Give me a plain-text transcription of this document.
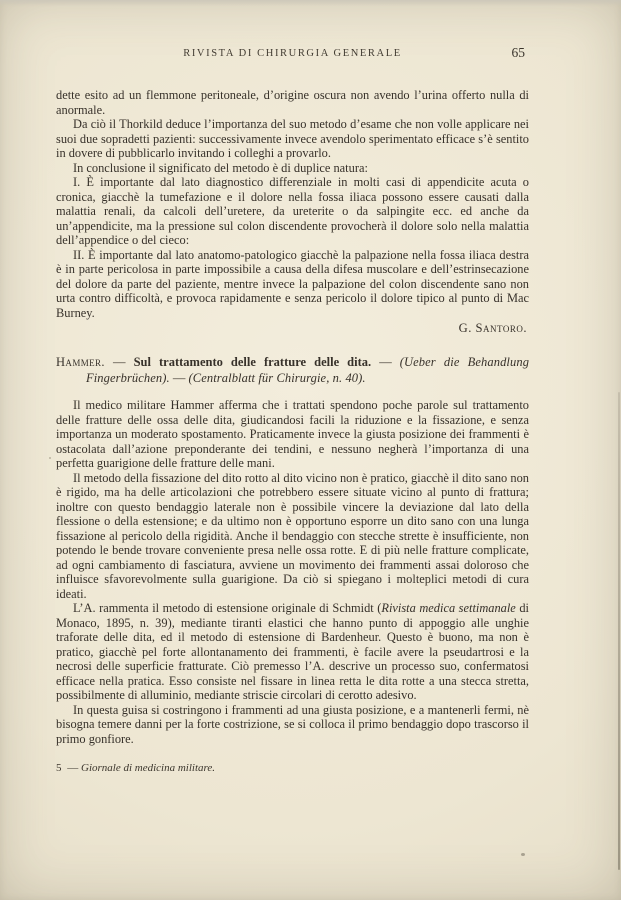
RIVISTA DI CHIRURGIA GENERALE	65

dette esito ad un flemmone peritoneale, d’origine oscura non avendo l’urina offerto nulla di anormale.

Da ciò il Thorkild deduce l’importanza del suo metodo d’esame che non volle applicare nei suoi due sopradetti pazienti: successivamente invece avendolo sperimentato efficace s’è sentito in dovere di pubblicarlo invitando i colleghi a provarlo.

In conclusione il significato del metodo è di duplice natura:

I. È importante dal lato diagnostico differenziale in molti casi di appendicite acuta o cronica, giacchè la tumefazione e il dolore nella fossa iliaca possono essere causati dalla malattia renali, da calcoli dell’uretere, da ureterite o da salpingite ecc. ed anche da un’appendicite, ma la pressione sul colon discendente provocherà il dolore solo nella malattia dell’appendice o del cieco:

II. È importante dal lato anatomo-patologico giacchè la palpazione nella fossa iliaca destra è in parte pericolosa in parte impossibile a causa della difesa muscolare e dell’estrinsecazione del dolore da parte del paziente, mentre invece la palpazione del colon discendente sano non urta contro difficoltà, e provoca rapidamente e senza pericolo il dolore tipico al punto di Mac Burney.

G. Santoro.

Hammer. — Sul trattamento delle fratture delle dita. — (Ueber die Behandlung Fingerbrüchen). — (Centralblatt für Chirurgie, n. 40).

Il medico militare Hammer afferma che i trattati spendono poche parole sul trattamento delle fratture delle ossa delle dita, giudicandosi facili la riduzione e la fissazione, e senza importanza un moderato spostamento. Praticamente invece la giusta posizione dei frammenti è ostacolata dall’azione preponderante dei tendini, e nessuno negherà l’importanza di una perfetta guarigione delle fratture delle mani.

Il metodo della fissazione del dito rotto al dito vicino non è pratico, giacchè il dito sano non è rigido, ma ha delle articolazioni che potrebbero essere situate vicino al punto di frattura; inoltre con questo bendaggio laterale non è possibile vincere la deviazione dal lato della flessione o della estensione; e da ultimo non è opportuno esporre un dito sano con una lunga fissazione al pericolo della rigidità. Anche il bendaggio con stecche strette è insufficiente, non potendo le bende trovare conveniente presa nelle ossa rotte. E di più nelle fratture complicate, ad ogni cambiamento di fasciatura, avviene un movimento dei frammenti assai doloroso che influisce sfavorevolmente sulla guarigione. Da ciò si spiegano i molteplici metodi di cura ideati.

L’A. rammenta il metodo di estensione originale di Schmidt (Rivista medica settimanale di Monaco, 1895, n. 39), mediante tiranti elastici che hanno punto di appoggio alle unghie traforate delle dita, ed il metodo di estensione di Bardenheur. Questo è buono, ma non è pratico, giacchè pel forte allontanamento dei frammenti, è facile avere la pseudartrosi e la necrosi delle superficie fratturate. Ciò premesso l’A. descrive un processo suo, confermatosi efficace nella pratica. Esso consiste nel fissare in linea retta le dita rotte a una stecca stretta, possibilmente di alluminio, mediante striscie circolari di cerotto adesivo.

In questa guisa si costringono i frammenti ad una giusta posizione, e a mantenerli fermi, nè bisogna temere danni per la forte costrizione, se si colloca il primo bendaggio dopo trascorso il primo gonfiore.

5 — Giornale di medicina militare.
